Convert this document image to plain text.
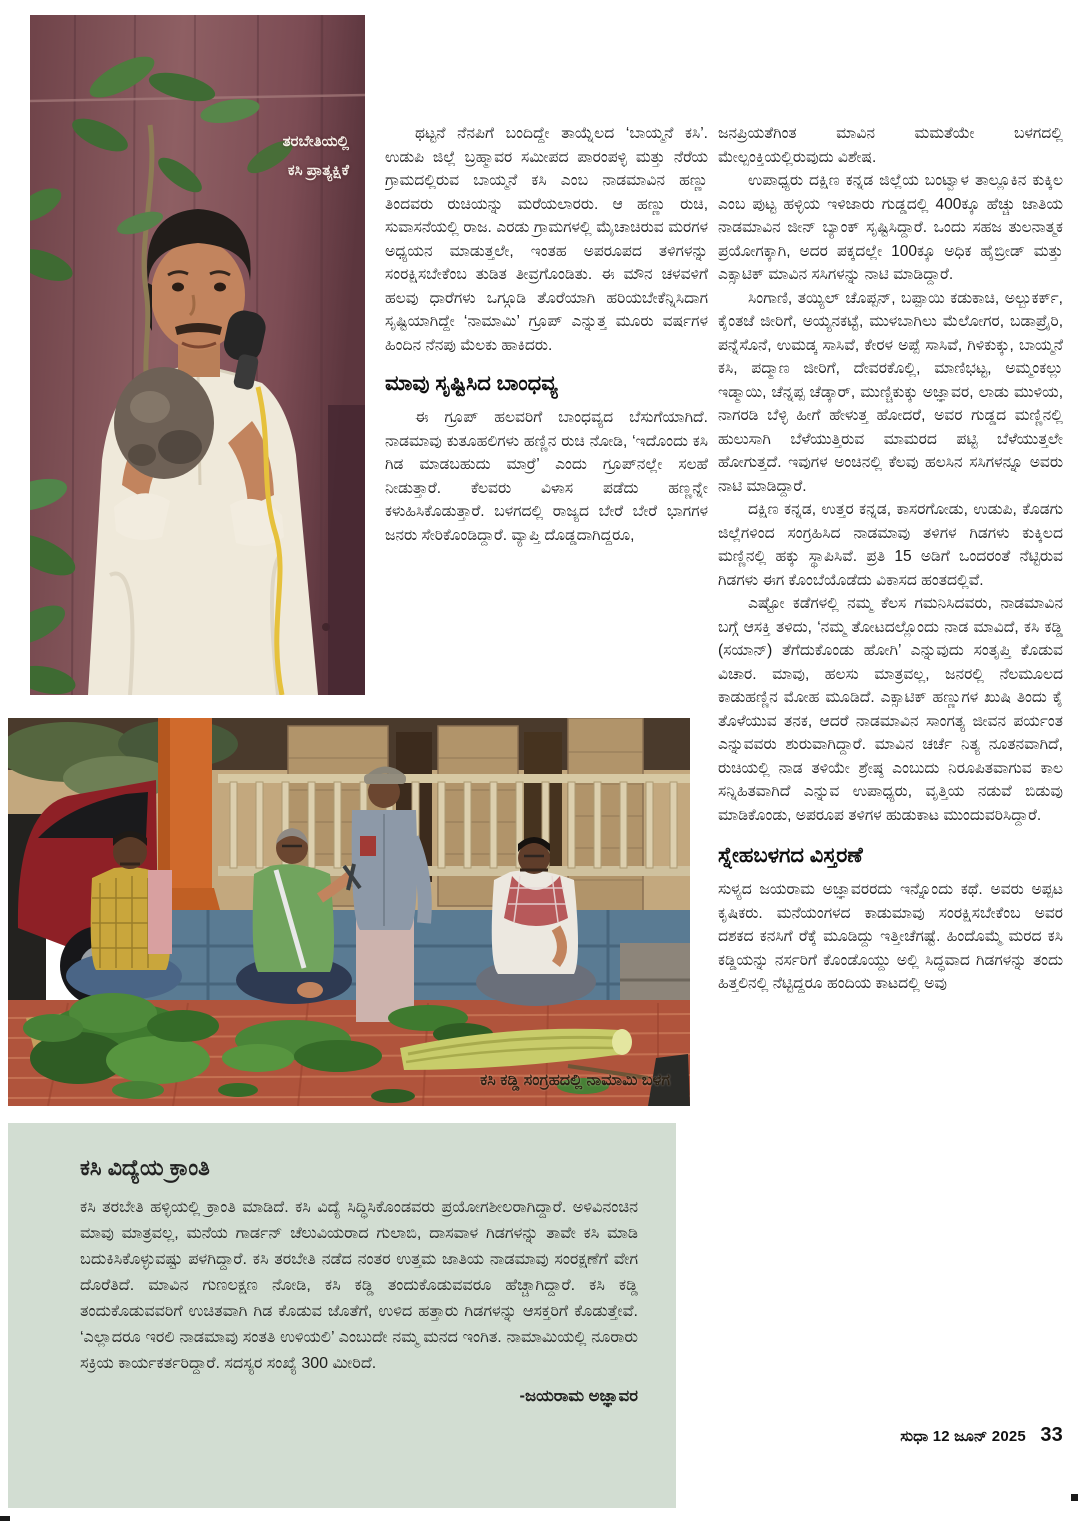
ತರಬೇತಿಯಲ್ಲಿ
ಕಸಿ ಪ್ರಾತ್ಯಕ್ಷಿಕೆ

ಥಟ್ಟನೆ ನೆನಪಿಗೆ ಬಂದಿದ್ದೇ ತಾಯ್ನೆಲದ ‘ಬಾಯ್ಮನೆ ಕಸಿ’. ಉಡುಪಿ ಜಿಲ್ಲೆ ಬ್ರಹ್ಮಾವರ ಸಮೀಪದ ಪಾರಂಪಳ್ಳಿ ಮತ್ತು ನೆರೆಯ ಗ್ರಾಮದಲ್ಲಿರುವ ಬಾಯ್ಮನೆ ಕಸಿ ಎಂಬ ನಾಡಮಾವಿನ ಹಣ್ಣು ತಿಂದವರು ರುಚಿಯನ್ನು ಮರೆಯಲಾರರು. ಆ ಹಣ್ಣು ರುಚಿ, ಸುವಾಸನೆಯಲ್ಲಿ ರಾಜ. ಎರಡು ಗ್ರಾಮಗಳಲ್ಲಿ ಮೈಚಾಚಿರುವ ಮರಗಳ ಅಧ್ಯಯನ ಮಾಡುತ್ತಲೇ, ಇಂತಹ ಅಪರೂಪದ ತಳಿಗಳನ್ನು ಸಂರಕ್ಷಿಸಬೇಕೆಂಬ ತುಡಿತ ತೀವ್ರಗೊಂಡಿತು. ಈ ಮೌನ ಚಳವಳಿಗೆ ಹಲವು ಧಾರೆಗಳು ಒಗ್ಗೂಡಿ ತೊರೆಯಾಗಿ ಹರಿಯಬೇಕೆನ್ನಿಸಿದಾಗ ಸೃಷ್ಟಿಯಾಗಿದ್ದೇ ‘ನಾಮಾಮಿ’ ಗ್ರೂಪ್ ಎನ್ನುತ್ತ ಮೂರು ವರ್ಷಗಳ ಹಿಂದಿನ ನೆನಪು ಮೆಲಕು ಹಾಕಿದರು.

ಮಾವು ಸೃಷ್ಟಿಸಿದ ಬಾಂಧವ್ಯ

ಈ ಗ್ರೂಪ್ ಹಲವರಿಗೆ ಬಾಂಧವ್ಯದ ಬೆಸುಗೆಯಾಗಿದೆ. ನಾಡಮಾವು ಕುತೂಹಲಿಗಳು ಹಣ್ಣಿನ ರುಚಿ ನೋಡಿ, ‘ಇದೊಂದು ಕಸಿ ಗಿಡ ಮಾಡಬಹುದು ಮಾರ್ರೆ’ ಎಂದು ಗ್ರೂಪ್‌ನಲ್ಲೇ ಸಲಹೆ ನೀಡುತ್ತಾರೆ. ಕೆಲವರು ವಿಳಾಸ ಪಡೆದು ಹಣ್ಣನ್ನೇ ಕಳುಹಿಸಿಕೊಡುತ್ತಾರೆ. ಬಳಗದಲ್ಲಿ ರಾಜ್ಯದ ಬೇರೆ ಬೇರೆ ಭಾಗಗಳ ಜನರು ಸೇರಿಕೊಂಡಿದ್ದಾರೆ. ವ್ಯಾಪ್ತಿ ದೊಡ್ಡದಾಗಿದ್ದರೂ,

ಜನಪ್ರಿಯತೆಗಿಂತ ಮಾವಿನ ಮಮತೆಯೇ ಬಳಗದಲ್ಲಿ ಮೇಲ್ಪಂಕ್ತಿಯಲ್ಲಿರುವುದು ವಿಶೇಷ.

ಉಪಾಧ್ಯರು ದಕ್ಷಿಣ ಕನ್ನಡ ಜಿಲ್ಲೆಯ ಬಂಟ್ವಾಳ ತಾಲ್ಲೂಕಿನ ಕುಕ್ಕಿಲ ಎಂಬ ಪುಟ್ಟ ಹಳ್ಳಿಯ ಇಳಿಜಾರು ಗುಡ್ಡದಲ್ಲಿ 400ಕ್ಕೂ ಹೆಚ್ಚು ಜಾತಿಯ ನಾಡಮಾವಿನ ಜೀನ್ ಬ್ಯಾಂಕ್ ಸೃಷ್ಟಿಸಿದ್ದಾರೆ. ಒಂದು ಸಹಜ ತುಲನಾತ್ಮಕ ಪ್ರಯೋಗಕ್ಕಾಗಿ, ಅದರ ಪಕ್ಕದಲ್ಲೇ 100ಕ್ಕೂ ಅಧಿಕ ಹೈಬ್ರೀಡ್ ಮತ್ತು ಎಕ್ಸಾಟಿಕ್ ಮಾವಿನ ಸಸಿಗಳನ್ನು ನಾಟಿ ಮಾಡಿದ್ದಾರೆ.

ಸಿಂಗಾಣಿ, ತಯ್ಯಿಲ್ ಚೊಪ್ಪನ್, ಬಪ್ಪಾಯಿ ಕಡುಕಾಚಿ, ಅಲ್ಬುಕರ್ಕ್, ಕೈಂತಜೆ ಜೀರಿಗೆ, ಅಯ್ಯನಕಟ್ಟೆ, ಮುಳಬಾಗಿಲು ಮೆಲೋಗರ, ಬಡಾಪ್ರೈರಿ, ಪನ್ನೆಸೊನೆ, ಉಮಡ್ಕ ಸಾಸಿವೆ, ಕೇರಳ ಅಪ್ಪೆ ಸಾಸಿವೆ, ಗಿಳಿಕುಕ್ಕು, ಬಾಯ್ಮನೆ ಕಸಿ, ಪದ್ಮಾಣ ಜೀರಿಗೆ, ದೇವರಕೊಲ್ಲಿ, ಮಾಣಿಭಟ್ಟ, ಅಮ್ಮಂಕಲ್ಲು ಇಡ್ಮಾಯಿ, ಚೆನ್ನಪ್ಪ ಚೆಡ್ಕಾರ್, ಮುಣ್ಚಿಕುಕ್ಕು ಅಜ್ಞಾವರ, ಲಾಡು ಮುಳಿಯ, ನಾಗರಡಿ ಬೆಳ್ಳಿ ಹೀಗೆ ಹೇಳುತ್ತ ಹೋದರೆ, ಅವರ ಗುಡ್ಡದ ಮಣ್ಣಿನಲ್ಲಿ ಹುಲುಸಾಗಿ ಬೆಳೆಯುತ್ತಿರುವ ಮಾಮರದ ಪಟ್ಟಿ ಬೆಳೆಯುತ್ತಲೇ ಹೋಗುತ್ತದೆ. ಇವುಗಳ ಅಂಚಿನಲ್ಲಿ ಕೆಲವು ಹಲಸಿನ ಸಸಿಗಳನ್ನೂ ಅವರು ನಾಟಿ ಮಾಡಿದ್ದಾರೆ.

ದಕ್ಷಿಣ ಕನ್ನಡ, ಉತ್ತರ ಕನ್ನಡ, ಕಾಸರಗೋಡು, ಉಡುಪಿ, ಕೊಡಗು ಜಿಲ್ಲೆಗಳಿಂದ ಸಂಗ್ರಹಿಸಿದ ನಾಡಮಾವು ತಳಿಗಳ ಗಿಡಗಳು ಕುಕ್ಕಿಲದ ಮಣ್ಣಿನಲ್ಲಿ ಹಕ್ಕು ಸ್ಥಾಪಿಸಿವೆ. ಪ್ರತಿ 15 ಅಡಿಗೆ ಒಂದರಂತೆ ನೆಟ್ಟಿರುವ ಗಿಡಗಳು ಈಗ ಕೊಂಬೆಯೊಡೆದು ವಿಕಾಸದ ಹಂತದಲ್ಲಿವೆ.

ಎಷ್ಟೋ ಕಡೆಗಳಲ್ಲಿ ನಮ್ಮ ಕೆಲಸ ಗಮನಿಸಿದವರು, ನಾಡಮಾವಿನ ಬಗ್ಗೆ ಆಸಕ್ತಿ ತಳಿದು, ‘ನಮ್ಮ ತೋಟದಲ್ಲೊಂದು ನಾಡ ಮಾವಿದೆ, ಕಸಿ ಕಡ್ಡಿ (ಸಯಾನ್) ತೆಗೆದುಕೊಂಡು ಹೋಗಿ’ ಎನ್ನುವುದು ಸಂತೃಪ್ತಿ ಕೊಡುವ ವಿಚಾರ. ಮಾವು, ಹಲಸು ಮಾತ್ರವಲ್ಲ, ಜನರಲ್ಲಿ ನೆಲಮೂಲದ ಕಾಡುಹಣ್ಣಿನ ಮೋಹ ಮೂಡಿದೆ. ಎಕ್ಸಾಟಿಕ್ ಹಣ್ಣುಗಳ ಖುಷಿ ತಿಂದು ಕೈ ತೊಳೆಯುವ ತನಕ, ಆದರೆ ನಾಡಮಾವಿನ ಸಾಂಗತ್ಯ ಜೀವನ ಪರ್ಯಂತ ಎನ್ನುವವರು ಶುರುವಾಗಿದ್ದಾರೆ. ಮಾವಿನ ಚರ್ಚೆ ನಿತ್ಯ ನೂತನವಾಗಿದೆ, ರುಚಿಯಲ್ಲಿ ನಾಡ ತಳಿಯೇ ಶ್ರೇಷ್ಠ ಎಂಬುದು ನಿರೂಪಿತವಾಗುವ ಕಾಲ ಸನ್ನಿಹಿತವಾಗಿದೆ ಎನ್ನುವ ಉಪಾಧ್ಯರು, ವೃತ್ತಿಯ ನಡುವೆ ಬಿಡುವು ಮಾಡಿಕೊಂಡು, ಅಪರೂಪ ತಳಿಗಳ ಹುಡುಕಾಟ ಮುಂದುವರಿಸಿದ್ದಾರೆ.

ಸ್ನೇಹಬಳಗದ ವಿಸ್ತರಣೆ

ಸುಳ್ಯದ ಜಯರಾಮ ಅಜ್ಞಾವರರದು ಇನ್ನೊಂದು ಕಥೆ. ಅವರು ಅಪ್ಪಟ ಕೃಷಿಕರು. ಮನೆಯಂಗಳದ ಕಾಡುಮಾವು ಸಂರಕ್ಷಿಸಬೇಕೆಂಬ ಅವರ ದಶಕದ ಕನಸಿಗೆ ರೆಕ್ಕೆ ಮೂಡಿದ್ದು ಇತ್ತೀಚೆಗಷ್ಟೆ. ಹಿಂದೊಮ್ಮೆ ಮರದ ಕಸಿ ಕಡ್ಡಿಯನ್ನು ನರ್ಸರಿಗೆ ಕೊಂಡೊಯ್ದು ಅಲ್ಲಿ ಸಿದ್ಧವಾದ ಗಿಡಗಳನ್ನು ತಂದು ಹಿತ್ತಲಿನಲ್ಲಿ ನೆಟ್ಟಿದ್ದರೂ ಹಂದಿಯ ಕಾಟದಲ್ಲಿ ಅವು

ಕಸಿ ಕಡ್ಡಿ ಸಂಗ್ರಹದಲ್ಲಿ ನಾಮಾಮಿ ಬಳಗ
ಕಸಿ ವಿದ್ಯೆಯ ಕ್ರಾಂತಿ
ಕಸಿ ತರಬೇತಿ ಹಳ್ಳಿಯಲ್ಲಿ ಕ್ರಾಂತಿ ಮಾಡಿದೆ. ಕಸಿ ವಿದ್ಯೆ ಸಿದ್ಧಿಸಿಕೊಂಡವರು ಪ್ರಯೋಗಶೀಲರಾಗಿದ್ದಾರೆ. ಅಳಿವಿನಂಚಿನ ಮಾವು ಮಾತ್ರವಲ್ಲ, ಮನೆಯ ಗಾರ್ಡನ್ ಚೆಲುವಿಯರಾದ ಗುಲಾಬಿ, ದಾಸವಾಳ ಗಿಡಗಳನ್ನು ತಾವೇ ಕಸಿ ಮಾಡಿ ಬದುಕಿಸಿಕೊಳ್ಳುವಷ್ಟು ಪಳಗಿದ್ದಾರೆ. ಕಸಿ ತರಬೇತಿ ನಡೆದ ನಂತರ ಉತ್ತಮ ಜಾತಿಯ ನಾಡಮಾವು ಸಂರಕ್ಷಣೆಗೆ ವೇಗ ದೊರೆತಿದೆ. ಮಾವಿನ ಗುಣಲಕ್ಷಣ ನೋಡಿ, ಕಸಿ ಕಡ್ಡಿ ತಂದುಕೊಡುವವರೂ ಹೆಚ್ಚಾಗಿದ್ದಾರೆ. ಕಸಿ ಕಡ್ಡಿ ತಂದುಕೊಡುವವರಿಗೆ ಉಚಿತವಾಗಿ ಗಿಡ ಕೊಡುವ ಜೊತೆಗೆ, ಉಳಿದ ಹತ್ತಾರು ಗಿಡಗಳನ್ನು ಆಸಕ್ತರಿಗೆ ಕೊಡುತ್ತೇವೆ. ‘ಎಲ್ಲಾದರೂ ಇರಲಿ ನಾಡಮಾವು ಸಂತತಿ ಉಳಿಯಲಿ’ ಎಂಬುದೇ ನಮ್ಮ ಮನದ ಇಂಗಿತ. ನಾಮಾಮಿಯಲ್ಲಿ ನೂರಾರು ಸಕ್ರಿಯ ಕಾರ್ಯಕರ್ತರಿದ್ದಾರೆ. ಸದಸ್ಯರ ಸಂಖ್ಯೆ 300 ಮೀರಿದೆ.
-ಜಯರಾಮ ಅಜ್ಞಾವರ
ಸುಧಾ 12 ಜೂನ್ 2025 33
